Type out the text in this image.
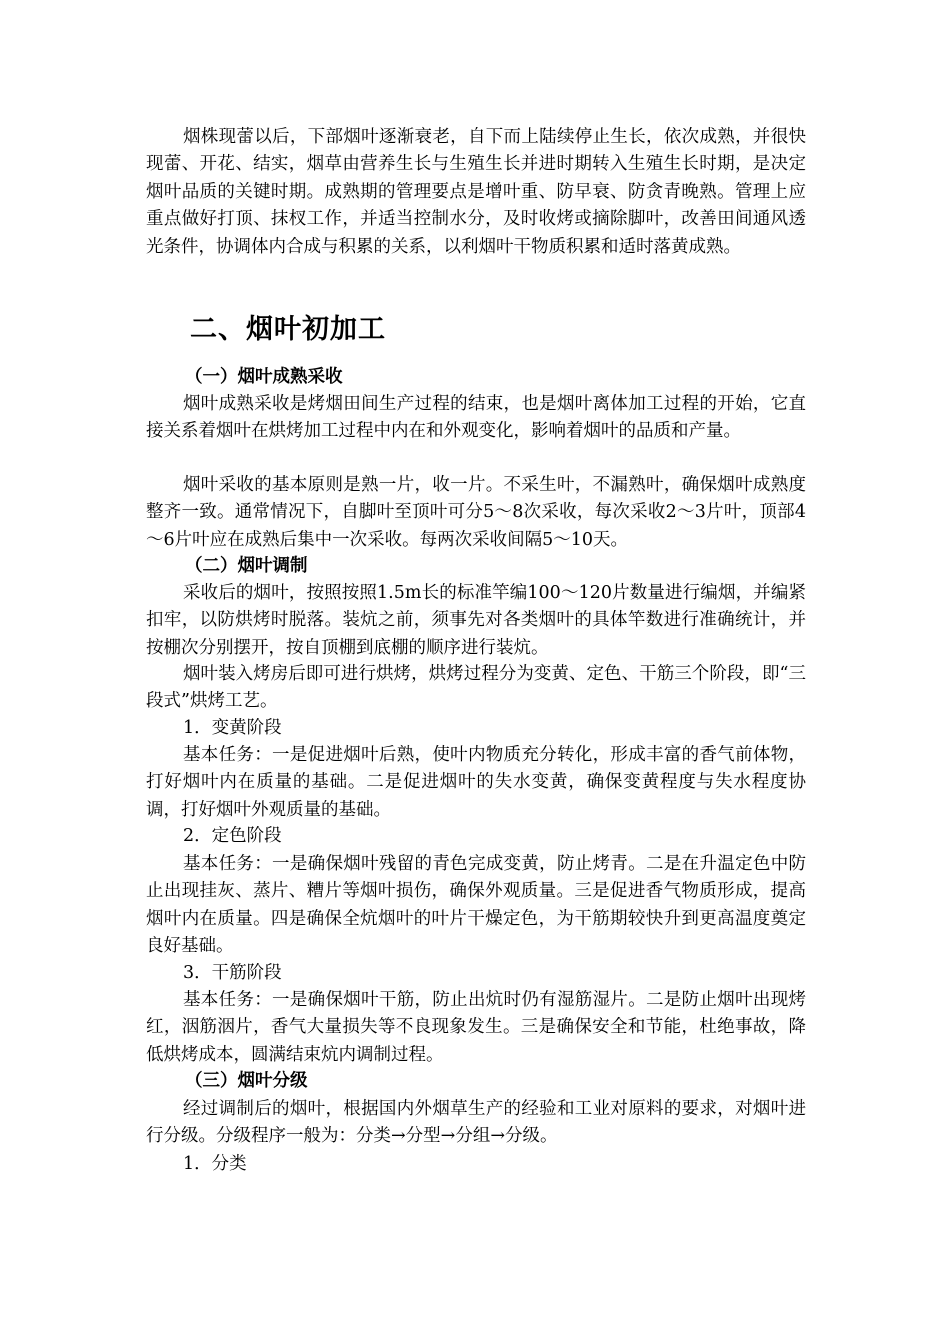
烟株现蕾以后，下部烟叶逐渐衰老，自下而上陆续停止生长，依次成熟，并很快现蕾、开花、结实，烟草由营养生长与生殖生长并进时期转入生殖生长时期，是决定烟叶品质的关键时期。成熟期的管理要点是增叶重、防早衰、防贪青晚熟。管理上应重点做好打顶、抹杈工作，并适当控制水分，及时收烤或摘除脚叶，改善田间通风透光条件，协调体内合成与积累的关系，以利烟叶干物质积累和适时落黄成熟。

二、烟叶初加工

（一）烟叶成熟采收

烟叶成熟采收是烤烟田间生产过程的结束，也是烟叶离体加工过程的开始，它直接关系着烟叶在烘烤加工过程中内在和外观变化，影响着烟叶的品质和产量。

烟叶采收的基本原则是熟一片，收一片。不采生叶，不漏熟叶，确保烟叶成熟度整齐一致。通常情况下，自脚叶至顶叶可分5～8次采收，每次采收2～3片叶，顶部4～6片叶应在成熟后集中一次采收。每两次采收间隔5～10天。

（二）烟叶调制

采收后的烟叶，按照按照1.5m长的标准竿编100～120片数量进行编烟，并编紧扣牢，以防烘烤时脱落。装炕之前，须事先对各类烟叶的具体竿数进行准确统计，并按棚次分别摆开，按自顶棚到底棚的顺序进行装炕。

烟叶装入烤房后即可进行烘烤，烘烤过程分为变黄、定色、干筋三个阶段，即“三段式”烘烤工艺。

1．变黄阶段

基本任务：一是促进烟叶后熟，使叶内物质充分转化，形成丰富的香气前体物，打好烟叶内在质量的基础。二是促进烟叶的失水变黄，确保变黄程度与失水程度协调，打好烟叶外观质量的基础。

2．定色阶段

基本任务：一是确保烟叶残留的青色完成变黄，防止烤青。二是在升温定色中防止出现挂灰、蒸片、糟片等烟叶损伤，确保外观质量。三是促进香气物质形成，提高烟叶内在质量。四是确保全炕烟叶的叶片干燥定色，为干筋期较快升到更高温度奠定良好基础。

3．干筋阶段

基本任务：一是确保烟叶干筋，防止出炕时仍有湿筋湿片。二是防止烟叶出现烤红，洇筋洇片，香气大量损失等不良现象发生。三是确保安全和节能，杜绝事故，降低烘烤成本，圆满结束炕内调制过程。

（三）烟叶分级

经过调制后的烟叶，根据国内外烟草生产的经验和工业对原料的要求，对烟叶进行分级。分级程序一般为：分类→分型→分组→分级。

1．分类
